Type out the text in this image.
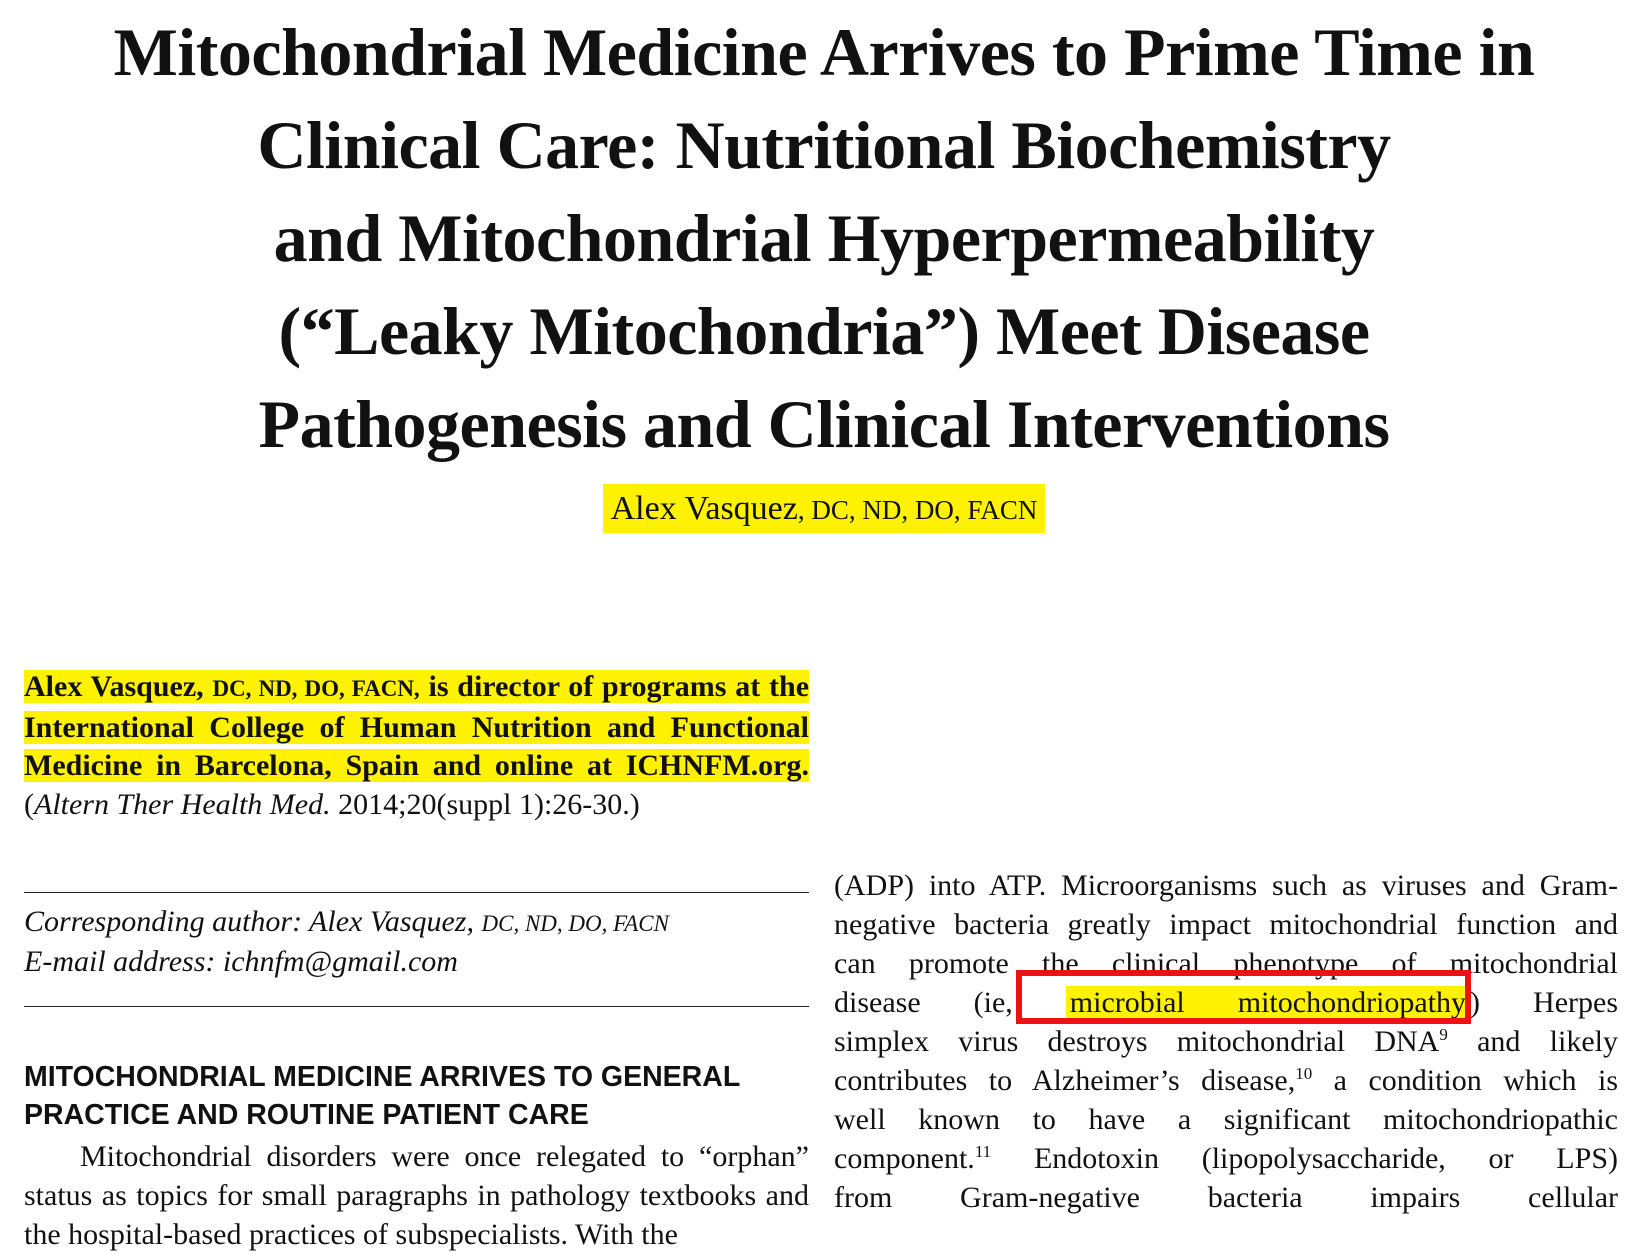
Mitochondrial Medicine Arrives to Prime Time in
Clinical Care: Nutritional Biochemistry
and Mitochondrial Hyperpermeability
(“Leaky Mitochondria”) Meet Disease
Pathogenesis and Clinical Interventions
Alex Vasquez, DC, ND, DO, FACN

Alex Vasquez, DC, ND, DO, FACN, is director of programs at the International College of Human Nutrition and Functional Medicine in Barcelona, Spain and online at ICHNFM.org. (Altern Ther Health Med. 2014;20(suppl 1):26-30.)

Corresponding author: Alex Vasquez, DC, ND, DO, FACN
E-mail address: ichnfm@gmail.com
MITOCHONDRIAL MEDICINE ARRIVES TO GENERAL
PRACTICE AND ROUTINE PATIENT CARE

Mitochondrial disorders were once relegated to “orphan” status as topics for small paragraphs in pathology textbooks and the hospital-based practices of subspecialists. With the

(ADP) into ATP. Microorganisms such as viruses and Gram-
negative bacteria greatly impact mitochondrial function and
can promote the clinical phenotype of mitochondrial
disease (ie, microbial mitochondriopathy ) Herpes
simplex virus destroys mitochondrial DNA$^9$ and likely
contributes to Alzheimer’s disease,$^{10}$ a condition which is
well known to have a significant mitochondriopathic
component.$^{11}$ Endotoxin (lipopolysaccharide, or LPS)
from Gram-negative bacteria impairs cellular
